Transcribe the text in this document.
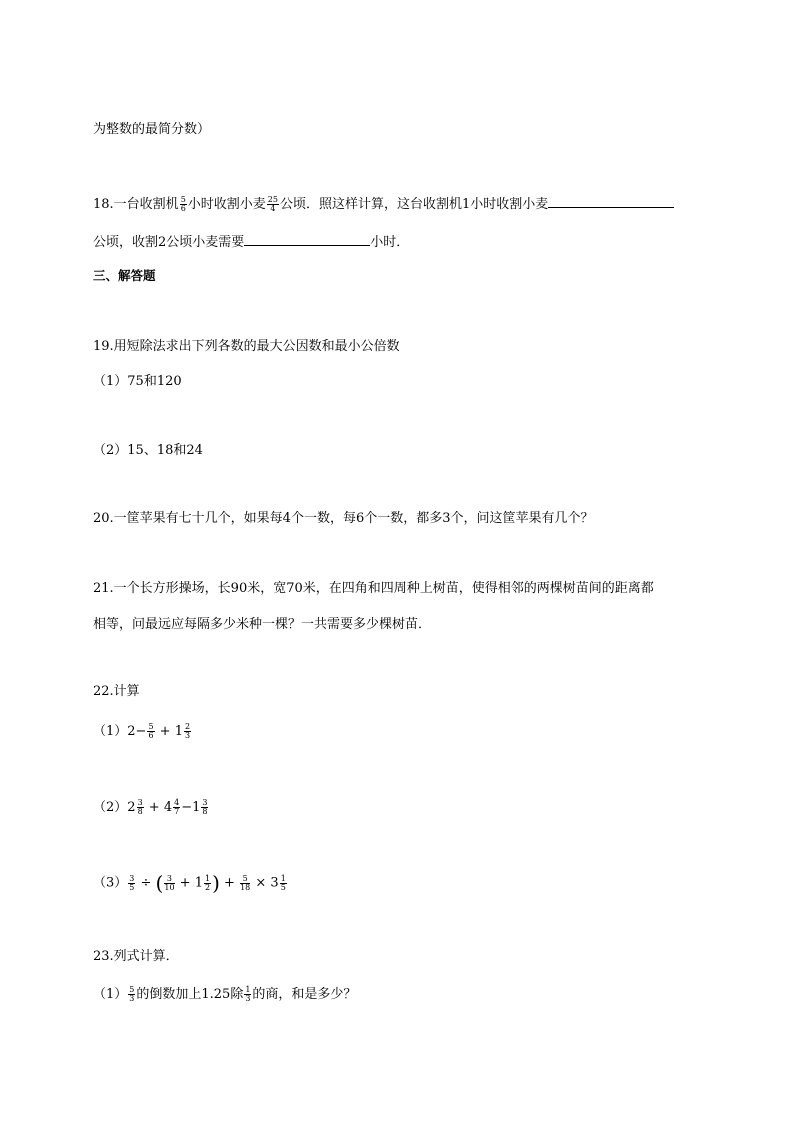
为整数的最简分数）
18.一台收割机 $\frac{5}{6}$ 小时收割小麦 $\frac{25}{4}$ 公顷．照这样计算，这台收割机1小时收割小麦
公顷，收割2公顷小麦需要	小时．
三、解答题
19.用短除法求出下列各数的最大公因数和最小公倍数
（1）75和120
（2）15、18和24
20.一筐苹果有七十几个，如果每4个一数，每6个一数，都多3个，问这筐苹果有几个？
21.一个长方形操场，长90米，宽70米，在四角和四周种上树苗，使得相邻的两棵树苗间的距离都
相等，问最远应每隔多少米种一棵？一共需要多少棵树苗．
22.计算
$(1)2- \frac{5}{6} + 1 \frac{2}{3}$
$(2)2 \frac{3}{8} + 4 \frac{4}{7} -1 \frac{3}{8}$
$(3) \frac{3}{5}$ ÷ ( $\frac{3}{10} + 1 \frac{1}{2}$ ) + $\frac{5}{18} \times 3 \frac{1}{5}$
23.列式计算．
$(1) \frac{5}{3}$ 的倒数加上1.25除 $\frac{1}{3}$ 的商，和是多少？
